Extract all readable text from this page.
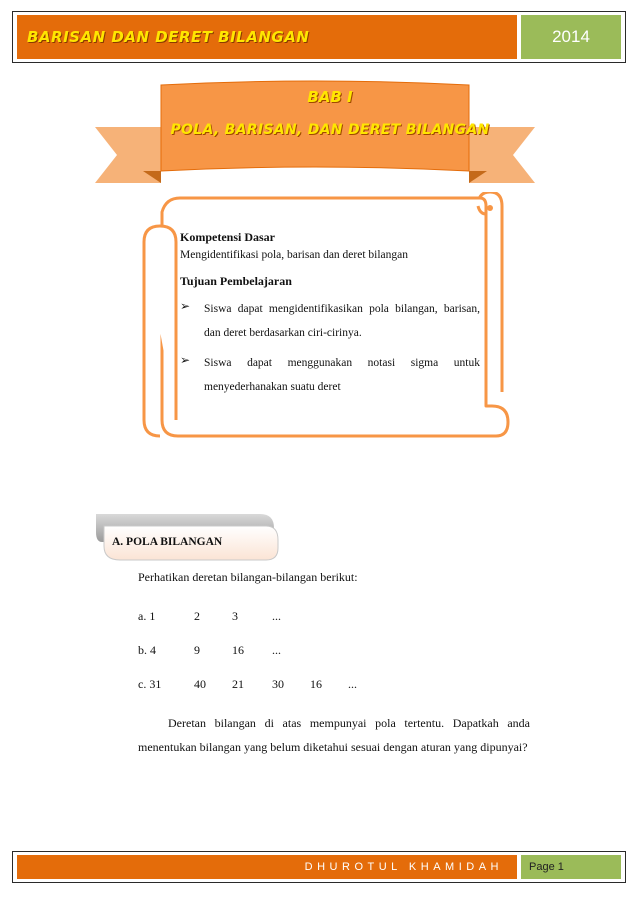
BARISAN DAN DERET BILANGAN	2014
BAB I
POLA, BARISAN, DAN DERET BILANGAN
Kompetensi Dasar
Mengidentifikasi pola, barisan dan deret bilangan
Tujuan Pembelajaran
➢	Siswa dapat mengidentifikasikan pola bilangan, barisan, dan deret berdasarkan ciri-cirinya.
➢	Siswa dapat menggunakan notasi sigma untuk menyederhanakan suatu deret
A. POLA BILANGAN

Perhatikan deretan bilangan-bilangan berikut:

a. 1	2	3	...
b. 4	9	16	...
c. 31	40	21	30	16	...

Deretan bilangan di atas mempunyai pola tertentu. Dapatkah anda menentukan bilangan yang belum diketahui sesuai dengan aturan yang dipunyai?

DHUROTUL KHAMIDAH	Page 1
